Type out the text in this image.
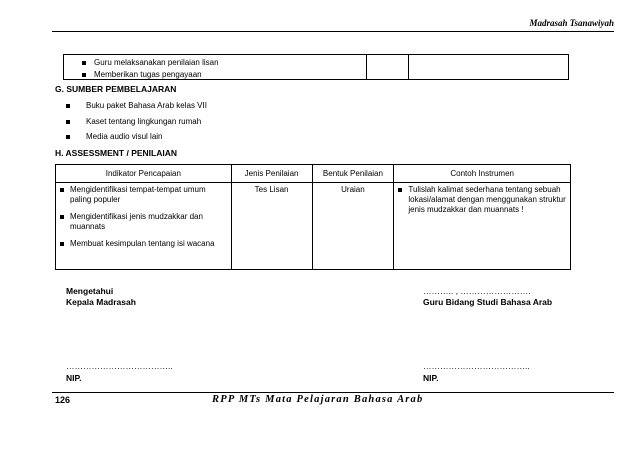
Madrasah Tsanawiyah
Guru melaksanakan penilaian lisan
Memberikan tugas pengayaan
G. SUMBER PEMBELAJARAN
Buku paket Bahasa Arab kelas VII
Kaset tentang lingkungan rumah
Media audio visul lain
H. ASSESSMENT / PENILAIAN
Indikator Pencapaian	Jenis Penilaian	Bentuk Penilaian	Contoh Instrumen

Mengidentifikasi tempat-tempat umum paling populer
Mengidentifikasi jenis mudzakkar dan muannats
Membuat kesimpulan tentang isi wacana	Tes Lisan	Uraian	Tulislah kalimat sederhana tentang sebuah lokasi/alamat dengan menggunakan struktur jenis mudzakkar dan muannats !
Mengetahui
Kepala Madrasah
……….. , …………………….
Guru Bidang Studi Bahasa Arab
………………………………..
NIP.
………………………………..
NIP.
126	RPP MTs Mata Pelajaran Bahasa Arab
